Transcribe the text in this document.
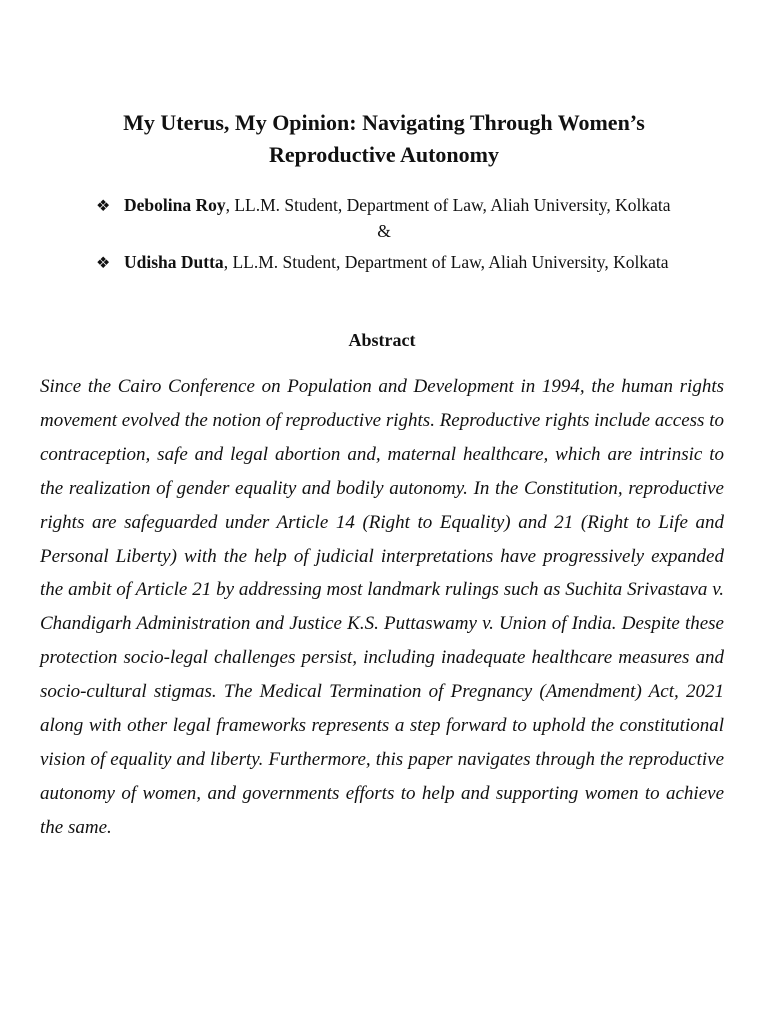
My Uterus, My Opinion: Navigating Through Women’s Reproductive Autonomy
❖ Debolina Roy, LL.M. Student, Department of Law, Aliah University, Kolkata
&
❖ Udisha Dutta, LL.M. Student, Department of Law, Aliah University, Kolkata
Abstract

Since the Cairo Conference on Population and Development in 1994, the human rights movement evolved the notion of reproductive rights. Reproductive rights include access to contraception, safe and legal abortion and, maternal healthcare, which are intrinsic to the realization of gender equality and bodily autonomy. In the Constitution, reproductive rights are safeguarded under Article 14 (Right to Equality) and 21 (Right to Life and Personal Liberty) with the help of judicial interpretations have progressively expanded the ambit of Article 21 by addressing most landmark rulings such as Suchita Srivastava v. Chandigarh Administration and Justice K.S. Puttaswamy v. Union of India. Despite these protection socio-legal challenges persist, including inadequate healthcare measures and socio-cultural stigmas. The Medical Termination of Pregnancy (Amendment) Act, 2021 along with other legal frameworks represents a step forward to uphold the constitutional vision of equality and liberty. Furthermore, this paper navigates through the reproductive autonomy of women, and governments efforts to help and supporting women to achieve the same.
